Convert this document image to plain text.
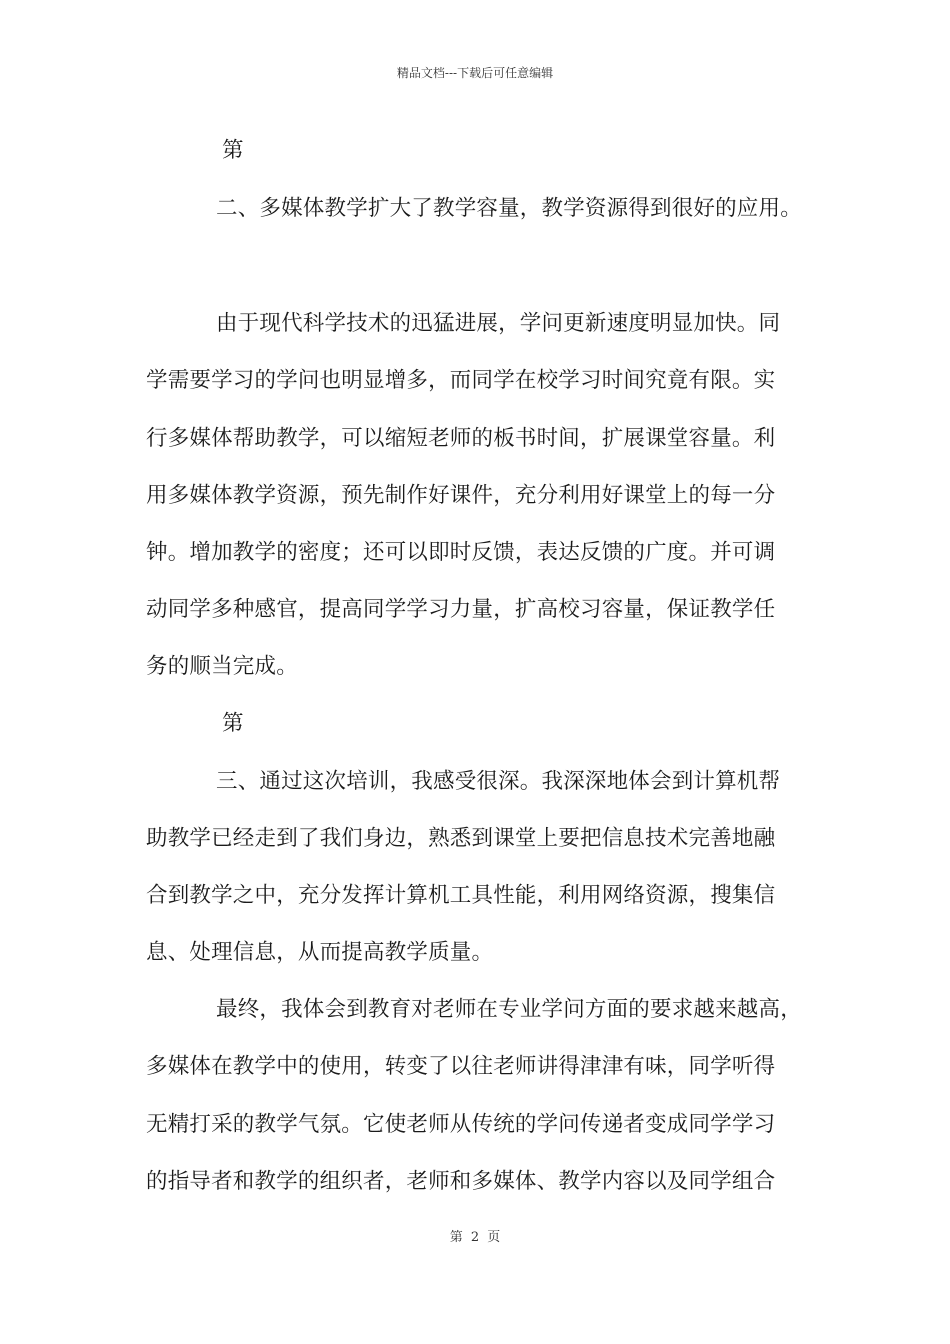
精品文档---下载后可任意编辑
第
二、多媒体教学扩大了教学容量，教学资源得到很好的应用。
由于现代科学技术的迅猛进展，学问更新速度明显加快。同
学需要学习的学问也明显增多，而同学在校学习时间究竟有限。实
行多媒体帮助教学，可以缩短老师的板书时间，扩展课堂容量。利
用多媒体教学资源，预先制作好课件，充分利用好课堂上的每一分
钟。增加教学的密度；还可以即时反馈，表达反馈的广度。并可调
动同学多种感官，提高同学学习力量，扩高校习容量，保证教学任
务的顺当完成。
第
三、通过这次培训，我感受很深。我深深地体会到计算机帮
助教学已经走到了我们身边，熟悉到课堂上要把信息技术完善地融
合到教学之中，充分发挥计算机工具性能，利用网络资源，搜集信
息、处理信息，从而提高教学质量。
最终，我体会到教育对老师在专业学问方面的要求越来越高，
多媒体在教学中的使用，转变了以往老师讲得津津有味，同学听得
无精打采的教学气氛。它使老师从传统的学问传递者变成同学学习
的指导者和教学的组织者，老师和多媒体、教学内容以及同学组合
第 2 页
